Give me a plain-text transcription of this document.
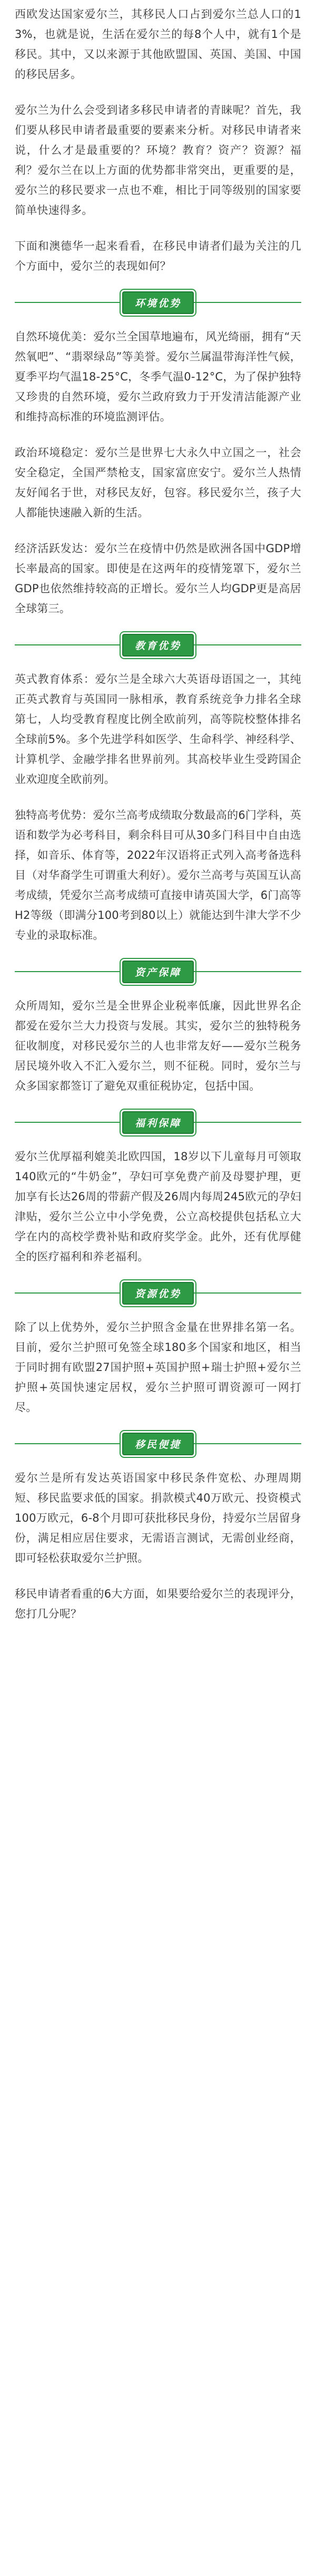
西欧发达国家爱尔兰，其移民人口占到爱尔兰总人口的13%，也就是说，生活在爱尔兰的每8个人中，就有1个是移民。其中，又以来源于其他欧盟国、英国、美国、中国的移民居多。

爱尔兰为什么会受到诸多移民申请者的青睐呢？首先，我们要从移民申请者最重要的要素来分析。对移民申请者来说，什么才是最重要的？环境？教育？资产？资源？福利？爱尔兰在以上方面的优势都非常突出，更重要的是，爱尔兰的移民要求一点也不难，相比于同等级别的国家要简单快速得多。

下面和澳德华一起来看看，在移民申请者们最为关注的几个方面中，爱尔兰的表现如何？

环境优势

自然环境优美：爱尔兰全国草地遍布，风光绮丽，拥有“天然氧吧”、“翡翠绿岛”等美誉。爱尔兰属温带海洋性气候，夏季平均气温18-25°C，冬季气温0-12°C，为了保护独特又珍贵的自然环境，爱尔兰政府致力于开发清洁能源产业和维持高标准的环境监测评估。

政治环境稳定：爱尔兰是世界七大永久中立国之一，社会安全稳定，全国严禁枪支，国家富庶安宁。爱尔兰人热情友好闻名于世，对移民友好，包容。移民爱尔兰，孩子大人都能快速融入新的生活。

经济活跃发达：爱尔兰在疫情中仍然是欧洲各国中GDP增长率最高的国家。即使是在这两年的疫情笼罩下，爱尔兰GDP也依然维持较高的正增长。爱尔兰人均GDP更是高居全球第三。

教育优势

英式教育体系：爱尔兰是全球六大英语母语国之一，其纯正英式教育与英国同一脉相承，教育系统竞争力排名全球第七，人均受教育程度比例全欧前列，高等院校整体排名全球前5%。多个先进学科如医学、生命科学、神经科学、计算机学、金融学排名世界前列。其高校毕业生受跨国企业欢迎度全欧前列。

独特高考优势：爱尔兰高考成绩取分数最高的6门学科，英语和数学为必考科目，剩余科目可从30多门科目中自由选择，如音乐、体育等，2022年汉语将正式列入高考备选科目（对华裔学生可谓重大利好）。爱尔兰高考与英国互认高考成绩，凭爱尔兰高考成绩可直接申请英国大学，6门高等H2等级（即满分100考到80以上）就能达到牛津大学不少专业的录取标准。

资产保障

众所周知，爱尔兰是全世界企业税率低廉，因此世界名企都爱在爱尔兰大力投资与发展。其实，爱尔兰的独特税务征收制度，对移民爱尔兰的人也非常友好——爱尔兰税务居民境外收入不汇入爱尔兰，则不征税。同时，爱尔兰与众多国家都签订了避免双重征税协定，包括中国。

福利保障

爱尔兰优厚福利媲美北欧四国，18岁以下儿童每月可领取140欧元的“牛奶金”，孕妇可享免费产前及母婴护理，更加享有长达26周的带薪产假及26周内每周245欧元的孕妇津贴，爱尔兰公立中小学免费，公立高校提供包括私立大学在内的高校学费补贴和政府奖学金。此外，还有优厚健全的医疗福利和养老福利。

资源优势

除了以上优势外，爱尔兰护照含金量在世界排名第一名。目前，爱尔兰护照可免签全球180多个国家和地区，相当于同时拥有欧盟27国护照+英国护照+瑞士护照+爱尔兰护照+英国快速定居权，爱尔兰护照可谓资源可一网打尽。

移民便捷

爱尔兰是所有发达英语国家中移民条件宽松、办理周期短、移民监要求低的国家。捐款模式40万欧元、投资模式100万欧元，6-8个月即可获批移民身份，持爱尔兰居留身份，满足相应居住要求，无需语言测试，无需创业经商，即可轻松获取爱尔兰护照。

移民申请者看重的6大方面，如果要给爱尔兰的表现评分，您打几分呢？
